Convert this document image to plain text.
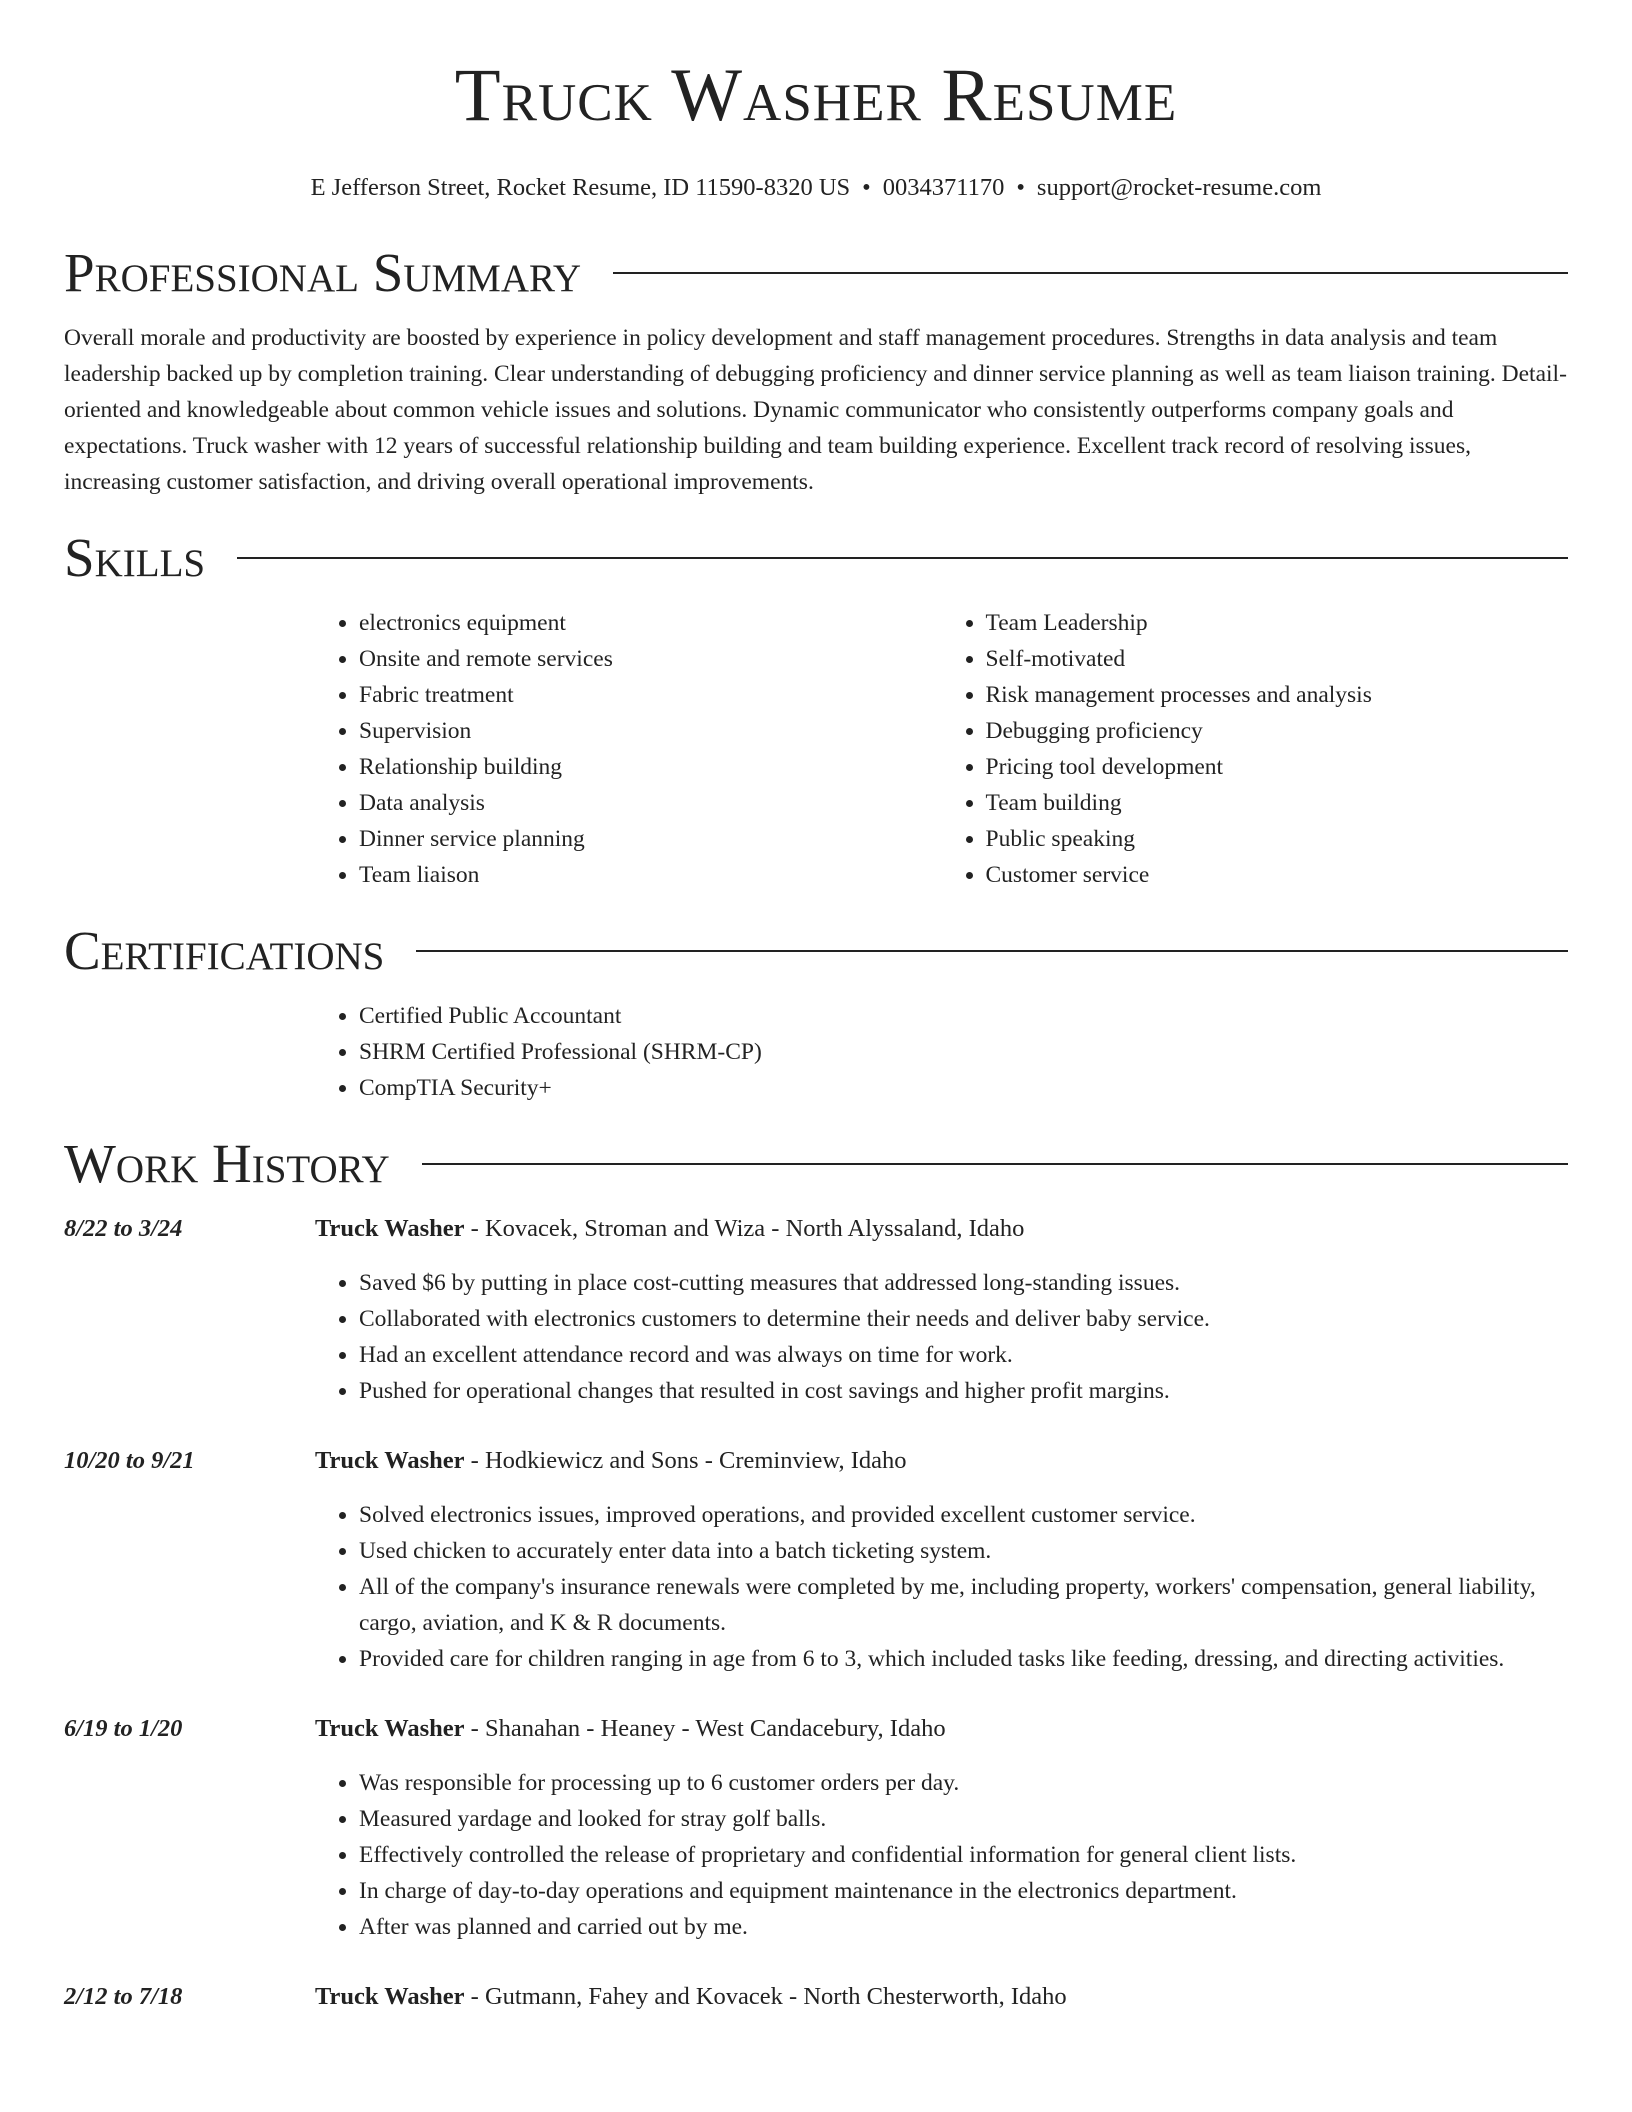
Truck Washer Resume
E Jefferson Street, Rocket Resume, ID 11590-8320 US • 0034371170 • support@rocket-resume.com
Professional Summary

Overall morale and productivity are boosted by experience in policy development and staff management procedures. Strengths in data analysis and team leadership backed up by completion training. Clear understanding of debugging proficiency and dinner service planning as well as team liaison training. Detail-oriented and knowledgeable about common vehicle issues and solutions. Dynamic communicator who consistently outperforms company goals and expectations. Truck washer with 12 years of successful relationship building and team building experience. Excellent track record of resolving issues, increasing customer satisfaction, and driving overall operational improvements.

Skills
• electronics equipment
• Onsite and remote services
• Fabric treatment
• Supervision
• Relationship building
• Data analysis
• Dinner service planning
• Team liaison
• Team Leadership
• Self-motivated
• Risk management processes and analysis
• Debugging proficiency
• Pricing tool development
• Team building
• Public speaking
• Customer service
Certifications
• Certified Public Accountant
• SHRM Certified Professional (SHRM-CP)
• CompTIA Security+
Work History
8/22 to 3/24	Truck Washer - Kovacek, Stroman and Wiza - North Alyssaland, Idaho
• Saved $6 by putting in place cost-cutting measures that addressed long-standing issues.
• Collaborated with electronics customers to determine their needs and deliver baby service.
• Had an excellent attendance record and was always on time for work.
• Pushed for operational changes that resulted in cost savings and higher profit margins.
10/20 to 9/21	Truck Washer - Hodkiewicz and Sons - Creminview, Idaho
• Solved electronics issues, improved operations, and provided excellent customer service.
• Used chicken to accurately enter data into a batch ticketing system.
• All of the company's insurance renewals were completed by me, including property, workers' compensation, general liability, cargo, aviation, and K & R documents.
• Provided care for children ranging in age from 6 to 3, which included tasks like feeding, dressing, and directing activities.
6/19 to 1/20	Truck Washer - Shanahan - Heaney - West Candacebury, Idaho
• Was responsible for processing up to 6 customer orders per day.
• Measured yardage and looked for stray golf balls.
• Effectively controlled the release of proprietary and confidential information for general client lists.
• In charge of day-to-day operations and equipment maintenance in the electronics department.
• After was planned and carried out by me.
2/12 to 7/18	Truck Washer - Gutmann, Fahey and Kovacek - North Chesterworth, Idaho
